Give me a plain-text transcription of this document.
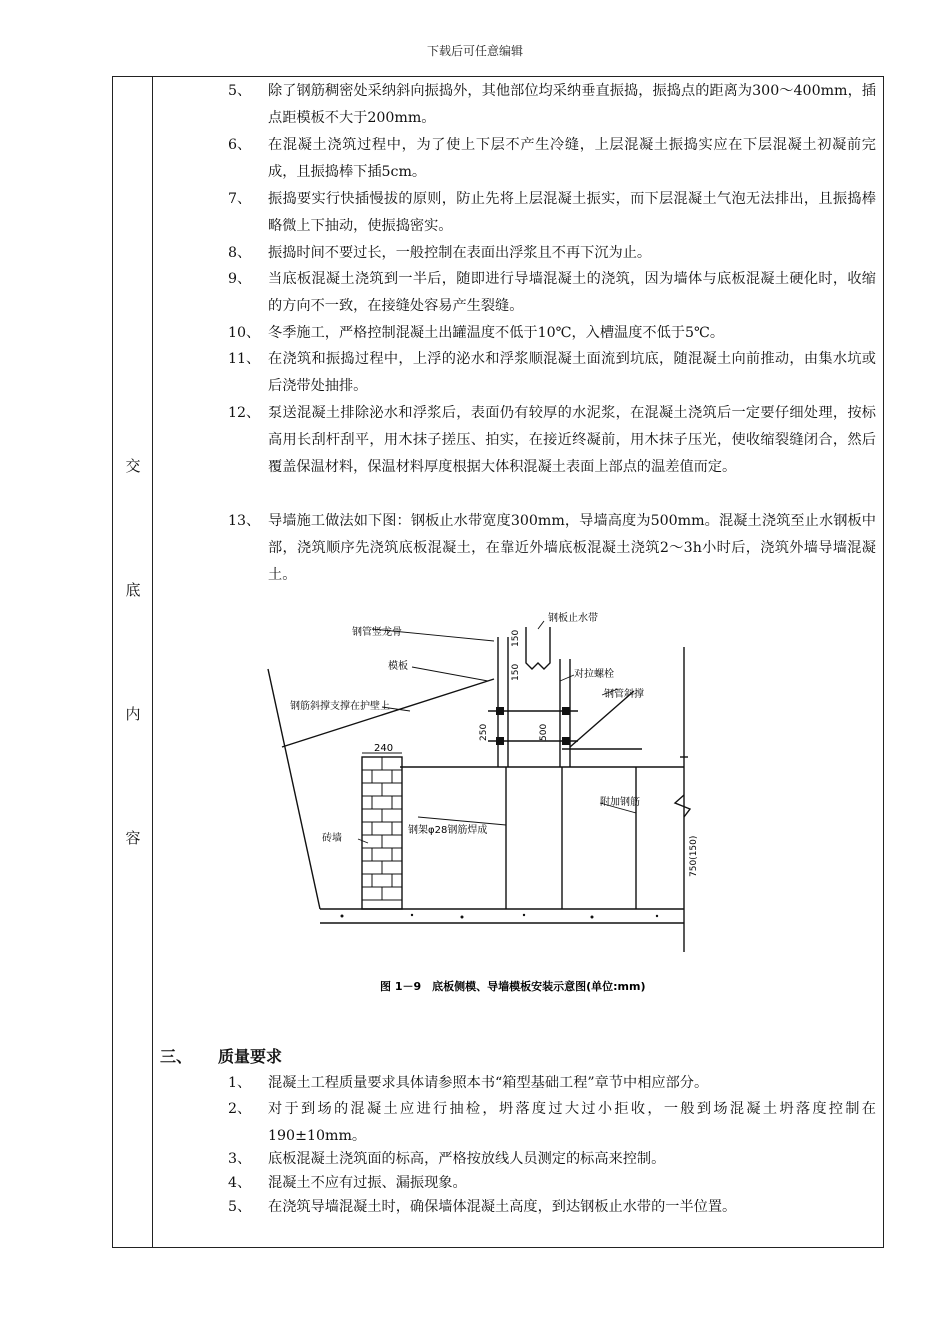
下载后可任意编辑
交
底
内
容
5、 除了钢筋稠密处采纳斜向振捣外，其他部位均采纳垂直振捣，振捣点的距离为300～400mm，插点距模板不大于200mm。
6、 在混凝土浇筑过程中，为了使上下层不产生冷缝，上层混凝土振捣实应在下层混凝土初凝前完成，且振捣棒下插5cm。
7、 振捣要实行快插慢拔的原则，防止先将上层混凝土振实，而下层混凝土气泡无法排出，且振捣棒略微上下抽动，使振捣密实。
8、 振捣时间不要过长，一般控制在表面出浮浆且不再下沉为止。
9、 当底板混凝土浇筑到一半后，随即进行导墙混凝土的浇筑，因为墙体与底板混凝土硬化时，收缩的方向不一致，在接缝处容易产生裂缝。
10、 冬季施工，严格控制混凝土出罐温度不低于10℃，入槽温度不低于5℃。
11、 在浇筑和振捣过程中，上浮的泌水和浮浆顺混凝土面流到坑底，随混凝土向前推动，由集水坑或后浇带处抽排。
12、 泵送混凝土排除泌水和浮浆后，表面仍有较厚的水泥浆，在混凝土浇筑后一定要仔细处理，按标高用长刮杆刮平，用木抹子搓压、拍实，在接近终凝前，用木抹子压光，使收缩裂缝闭合，然后覆盖保温材料，保温材料厚度根据大体积混凝土表面上部点的温差值而定。
13、 导墙施工做法如下图：钢板止水带宽度300mm，导墙高度为500mm。混凝土浇筑至止水钢板中部，浇筑顺序先浇筑底板混凝土，在靠近外墙底板混凝土浇筑2～3h小时后，浇筑外墙导墙混凝土。
钢管竖龙骨
钢板止水带
模板
对拉螺栓
钢管斜撑
钢筋斜撑支撑在护壁上
砖墙
钢架φ28钢筋焊成
附加钢筋
240
150
150
250	500
750(150)
图 1－9　底板侧模、导墙模板安装示意图(单位:mm)
三、 质量要求
1、 混凝土工程质量要求具体请参照本书“箱型基础工程”章节中相应部分。
2、 对于到场的混凝土应进行抽检，坍落度过大过小拒收，一般到场混凝土坍落度控制在190±10mm。
3、 底板混凝土浇筑面的标高，严格按放线人员测定的标高来控制。
4、 混凝土不应有过振、漏振现象。
5、 在浇筑导墙混凝土时，确保墙体混凝土高度，到达钢板止水带的一半位置。
